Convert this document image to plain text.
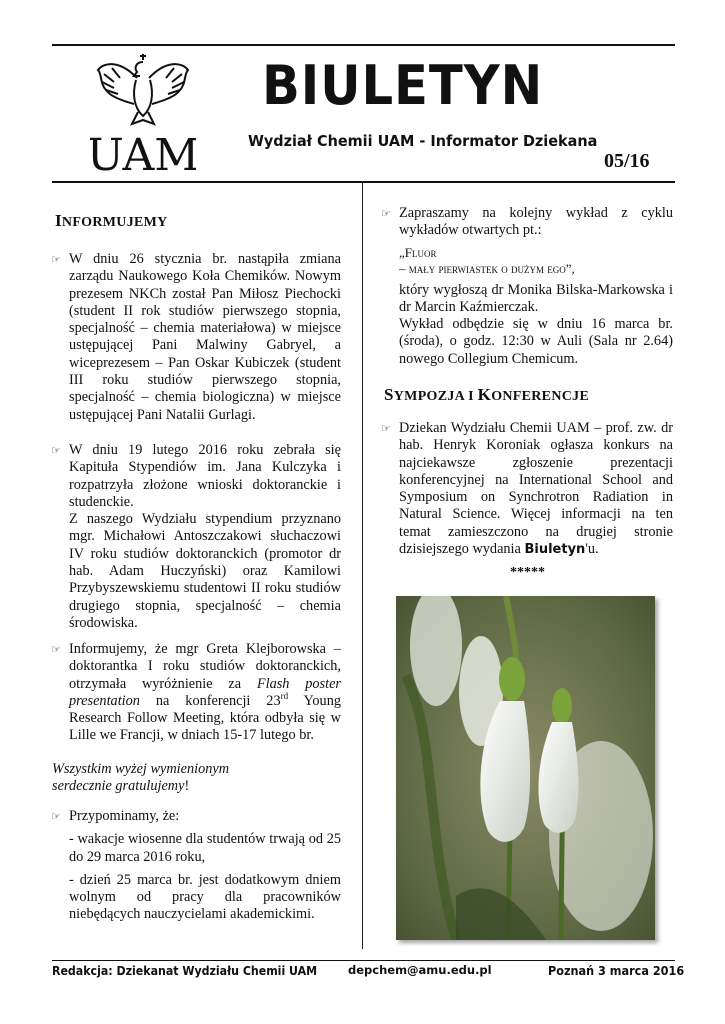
UAM
BIULETYN
Wydział Chemii UAM - Informator Dziekana
05/16
INFORMUJEMY
☞ W dniu 26 stycznia br. nastąpiła zmiana zarządu Naukowego Koła Chemików. Nowym prezesem NKCh został Pan Miłosz Piechocki (student II rok studiów pierwszego stopnia, specjalność – chemia materiałowa) w miejsce ustępującej Pani Malwiny Gabryel, a wiceprezesem – Pan Oskar Kubiczek (student III roku studiów pierwszego stopnia, specjalność – chemia biologiczna) w miejsce ustępującej Pani Natalii Gurlagi.

☞ W dniu 19 lutego 2016 roku zebrała się Kapituła Stypendiów im. Jana Kulczyka i rozpatrzyła złożone wnioski doktoranckie i studenckie.

Z naszego Wydziału stypendium przyznano mgr. Michałowi Antoszczakowi słuchaczowi IV roku studiów doktoranckich (promotor dr hab. Adam Huczyński) oraz Kamilowi Przybyszewskiemu studentowi II roku studiów drugiego stopnia, specjalność – chemia środowiska.

☞ Informujemy, że mgr Greta Klejborowska – doktorantka I roku studiów doktoranckich, otrzymała wyróżnienie za Flash poster presentation na konferencji 23rd Young Research Follow Meeting, która odbyła się w Lille we Francji, w dniach 15-17 lutego br.

Wszystkim wyżej wymienionym
serdecznie gratulujemy!

☞ Przypominamy, że:

- wakacje wiosenne dla studentów trwają od 25 do 29 marca 2016 roku,

- dzień 25 marca br. jest dodatkowym dniem wolnym od pracy dla pracowników niebędących nauczycielami akademickimi.

☞ Zapraszamy na kolejny wykład z cyklu wykładów otwartych pt.:

„Fluor
– mały pierwiastek o dużym ego”,

który wygłoszą dr Monika Bilska-Markowska i dr Marcin Kaźmierczak.

Wykład odbędzie się w dniu 16 marca br. (środa), o godz. 12:30 w Auli (Sala nr 2.64) nowego Collegium Chemicum.

SYMPOZJA I KONFERENCJE
☞ Dziekan Wydziału Chemii UAM – prof. zw. dr hab. Henryk Koroniak ogłasza konkurs na najciekawsze zgłoszenie prezentacji konferencyjnej na International School and Symposium on Synchrotron Radiation in Natural Science. Więcej informacji na ten temat zamieszczono na drugiej stronie dzisiejszego wydania Biuletyn'u.

*****
Redakcja: Dziekanat Wydziału Chemii UAM	depchem@amu.edu.pl	Poznań 3 marca 2016
